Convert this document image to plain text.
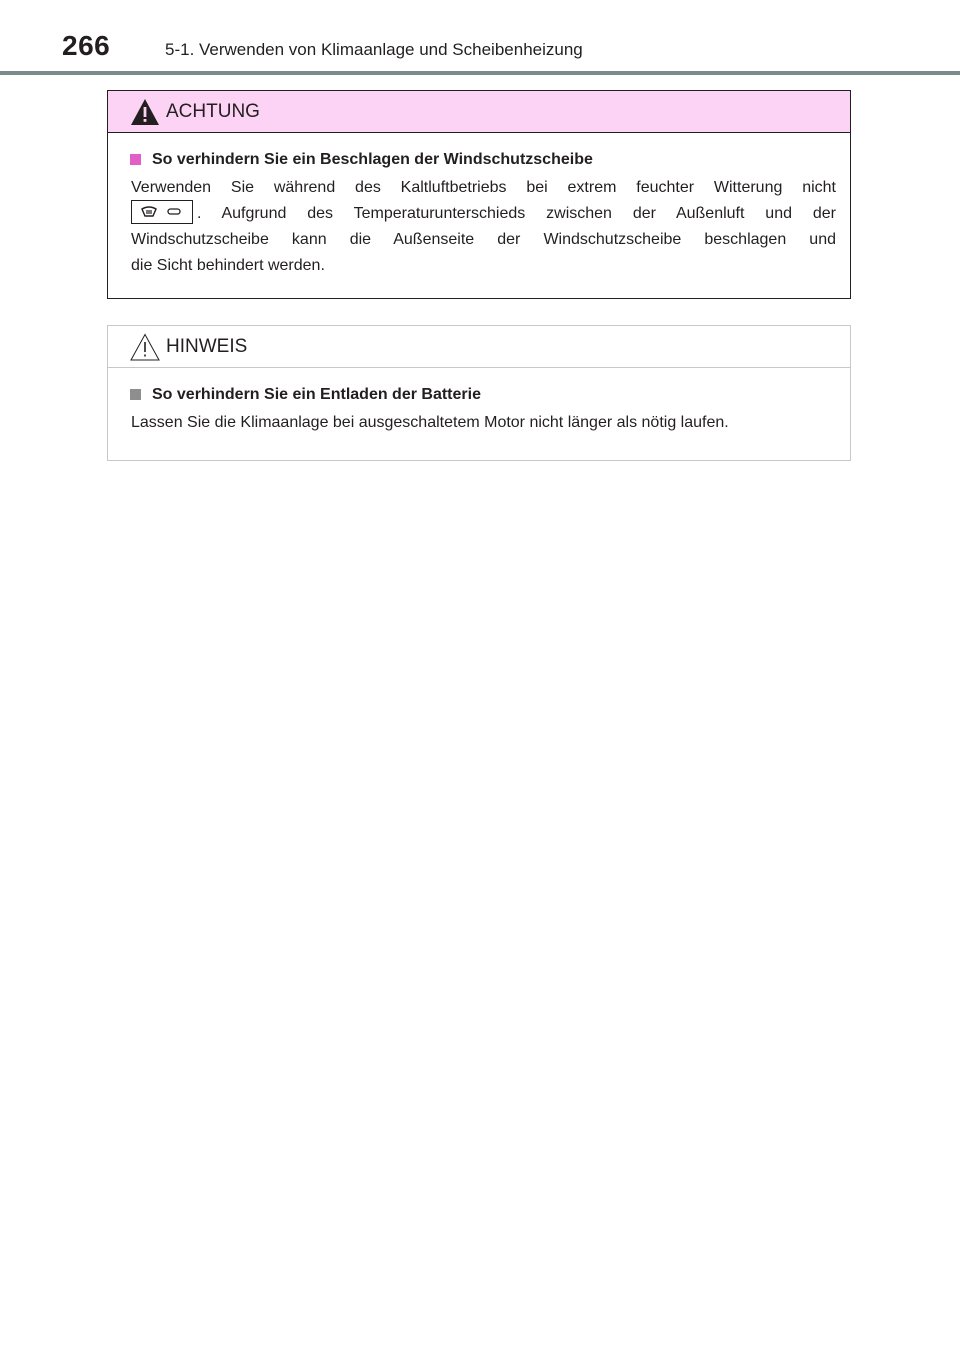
266	5-1. Verwenden von Klimaanlage und Scheibenheizung
ACHTUNG
So verhindern Sie ein Beschlagen der Windschutzscheibe
Verwenden Sie während des Kaltluftbetriebs bei extrem feuchter Witterung nicht
. Aufgrund des Temperaturunterschieds zwischen der Außenluft und der
Windschutzscheibe kann die Außenseite der Windschutzscheibe beschlagen und
die Sicht behindert werden.
HINWEIS
So verhindern Sie ein Entladen der Batterie
Lassen Sie die Klimaanlage bei ausgeschaltetem Motor nicht länger als nötig laufen.
